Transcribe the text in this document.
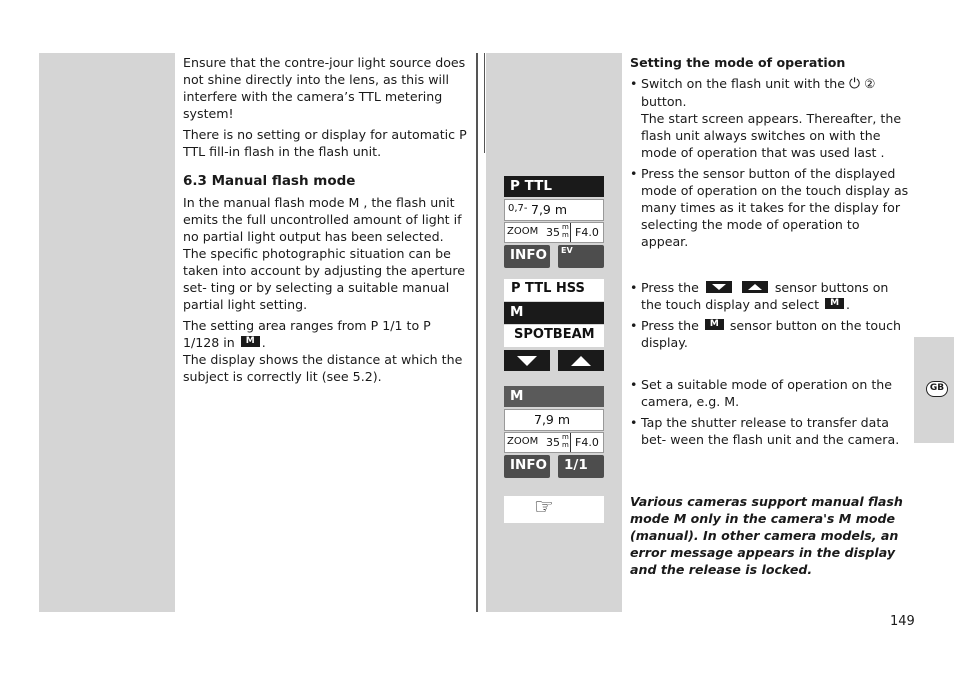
GB

Ensure that the contre-jour light source does not shine directly into the lens, as this will interfere with the camera’s TTL metering system!

There is no setting or display for automatic P TTL fill-in flash in the flash unit.

6.3 Manual flash mode

In the manual flash mode M , the flash unit emits the full uncontrolled amount of light if no partial light output has been selected. The specific photographic situation can be taken into account by adjusting the aperture set- ting or by selecting a suitable manual partial light setting.

The setting area ranges from P 1/1 to P 1/128 in M .

The display shows the distance at which the subject is correctly lit (see 5.2).

P TTL
0,7- 7,9 m
ZOOM 35 m
m F4.0
INFO	EV
P TTL HSS
M
SPOTBEAM
M
7,9 m
ZOOM 35 m
m F4.0
INFO	1/1
☞
Setting the mode of operation
• Switch on the flash unit with the ⏻ ②
button.
The start screen appears. Thereafter, the flash unit always switches on with the mode of operation that was used last .
• Press the sensor button of the displayed mode of operation on the touch display as many times as it takes for the display for selecting the mode of operation to appear.
• Press the
	sensor buttons on the touch display and select M .
• Press the M sensor button on the touch display.
• Set a suitable mode of operation on the camera, e.g. M.
• Tap the shutter release to transfer data bet- ween the flash unit and the camera.
Various cameras support manual flash mode M only in the camera's M mode (manual). In other camera models, an error message appears in the display and the release is locked.
149
